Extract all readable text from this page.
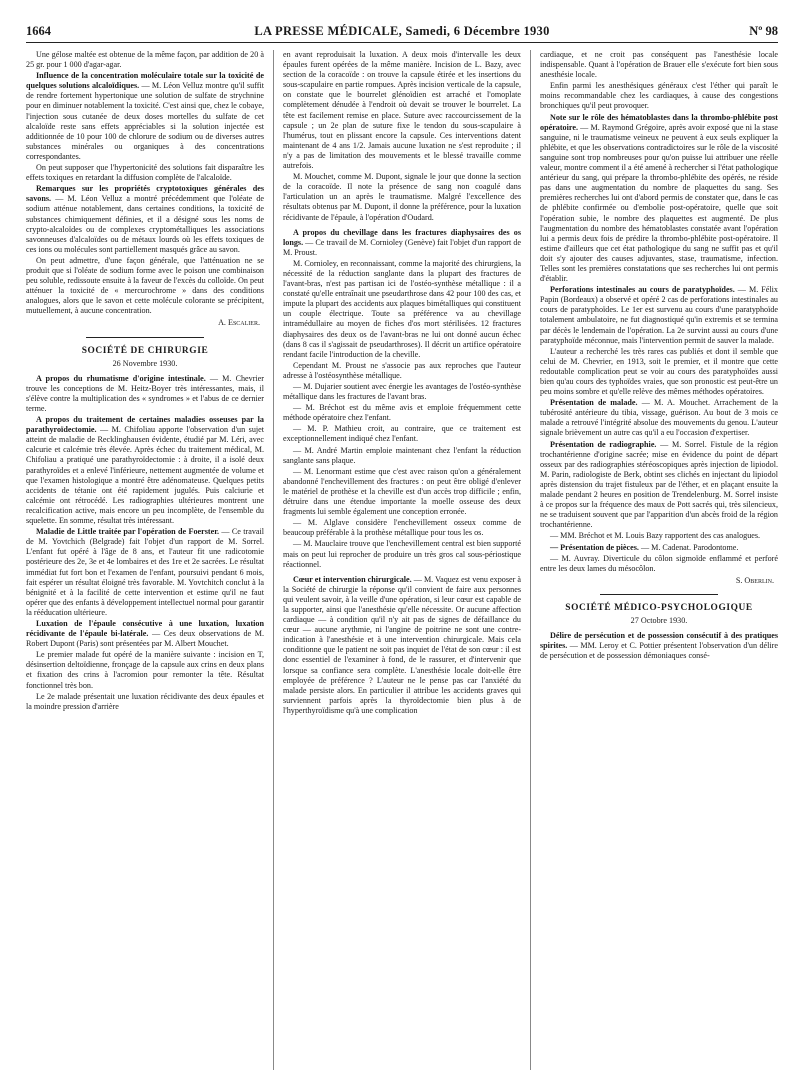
1664	LA PRESSE MÉDICALE, Samedi, 6 Décembre 1930	Nº 98

Une gélose maltée est obtenue de la même façon, par addition de 20 à 25 gr. pour 1 000 d'agar-agar.

Influence de la concentration moléculaire totale sur la toxicité de quelques solutions alcaloïdiques. — M. Léon Velluz montre qu'il suffit de rendre fortement hypertonique une solution de sulfate de strychnine pour en diminuer notablement la toxicité. C'est ainsi que, chez le cobaye, l'injection sous cutanée de deux doses mortelles du sulfate de cet alcaloïde reste sans effets appréciables si la solution injectée est additionnée de 10 pour 100 de chlorure de sodium ou de diverses autres substances minérales ou organiques à des concentrations correspondantes.

On peut supposer que l'hypertonicité des solutions fait disparaître les effets toxiques en retardant la diffusion complète de l'alcaloïde.

Remarques sur les propriétés cryptotoxiques générales des savons. — M. Léon Velluz a montré précédemment que l'oléate de sodium atténue notablement, dans certaines conditions, la toxicité de substances chimiquement définies, et il a désigné sous les noms de crypto-alcaloïdes ou de complexes cryptométalliques les associations savonneuses d'alcaloïdes ou de métaux lourds où les effets toxiques de ces ions ou molécules sont partiellement masqués grâce au savon.

On peut admettre, d'une façon générale, que l'atténuation ne se produit que si l'oléate de sodium forme avec le poison une combinaison peu soluble, redissoute ensuite à la faveur de l'excès du colloïde. On peut atténuer la toxicité de « mercurochrome » dans des conditions analogues, alors que le savon et cette molécule colorante se précipitent, mutuellement, à aucune concentration.

A. Escalier.

SOCIÉTÉ DE CHIRURGIE

26 Novembre 1930.

A propos du rhumatisme d'origine intestinale. — M. Chevrier trouve les conceptions de M. Heitz-Boyer très intéressantes, mais, il s'élève contre la multiplication des « syndromes » et l'abus de ce dernier terme.

A propos du traitement de certaines maladies osseuses par la parathyroïdectomie. — M. Chifoliau apporte l'observation d'un sujet atteint de maladie de Recklinghausen évidente, étudié par M. Léri, avec calcurie et calcémie très élevée. Après échec du traitement médical, M. Chifoliau a pratiqué une parathyroïdectomie : à droite, il a isolé deux parathyroïdes et a enlevé l'inférieure, nettement augmentée de volume et que l'examen histologique a montré être adénomateuse. Quelques petits accidents de tétanie ont été rapidement jugulés. Puis calciurie et calcémie ont rétrocédé. Les radiographies ultérieures montrent une recalcification active, mais encore un peu incomplète, de l'ensemble du squelette. En somme, résultat très intéressant.

Maladie de Little traitée par l'opération de Foerster. — Ce travail de M. Yovtchich (Belgrade) fait l'objet d'un rapport de M. Sorrel. L'enfant fut opéré à l'âge de 8 ans, et l'auteur fit une radicotomie postérieure des 2e, 3e et 4e lombaires et des 1re et 2e sacrées. Le résultat immédiat fut fort bon et l'examen de l'enfant, poursuivi pendant 6 mois, fait espérer un résultat éloigné très favorable. M. Yovtchitch conclut à la bénignité et à la facilité de cette intervention et estime qu'il ne faut opérer que des enfants à développement intellectuel normal pour garantir la rééducation ultérieure.

Luxation de l'épaule consécutive à une luxation, luxation récidivante de l'épaule bi-latérale. — Ces deux observations de M. Robert Dupont (Paris) sont présentées par M. Albert Mouchet.

Le premier malade fut opéré de la manière suivante : incision en T, désinsertion deltoïdienne, fronçage de la capsule aux crins en deux plans et fixation des crins à l'acromion pour remonter la tête. Résultat fonctionnel très bon.

Le 2e malade présentait une luxation récidivante des deux épaules et la moindre pression d'arrière

en avant reproduisait la luxation. A deux mois d'intervalle les deux épaules furent opérées de la même manière. Incision de L. Bazy, avec section de la coracoïde : on trouve la capsule étirée et les insertions du sous-scapulaire en partie rompues. Après incision verticale de la capsule, on constate que le bourrelet glénoïdien est arraché et l'omoplate complètement dénudée à l'endroit où devait se trouver le bourrelet. La tête est facilement remise en place. Suture avec raccourcissement de la capsule ; un 2e plan de suture fixe le tendon du sous-scapulaire à l'humérus, tout en plissant encore la capsule. Ces interventions datent maintenant de 4 ans 1/2. Jamais aucune luxation ne s'est reproduite ; il n'y a pas de limitation des mouvements et le blessé travaille comme autrefois.

M. Mouchet, comme M. Dupont, signale le jour que donne la section de la coracoïde. Il note la présence de sang non coagulé dans l'articulation un an après le traumatisme. Malgré l'excellence des résultats obtenus par M. Dupont, il donne la préférence, pour la luxation récidivante de l'épaule, à l'opération d'Oudard.

A propos du chevillage dans les fractures diaphysaires des os longs. — Ce travail de M. Cornioley (Genève) fait l'objet d'un rapport de M. Proust.

M. Cornioley, en reconnaissant, comme la majorité des chirurgiens, la nécessité de la réduction sanglante dans la plupart des fractures de l'avant-bras, n'est pas partisan ici de l'ostéo-synthèse métallique : il a constaté qu'elle entraînait une pseudarthrose dans 42 pour 100 des cas, et impute la plupart des accidents aux plaques bimétalliques qui constituent un couple électrique. Toute sa préférence va au chevillage intramédullaire au moyen de fiches d'os mort stérilisées. 12 fractures diaphysaires des deux os de l'avant-bras ne lui ont donné aucun échec (dans 8 cas il s'agissait de pseudarthroses). Il décrit un artifice opératoire rendant facile l'introduction de la cheville.

Cependant M. Proust ne s'associe pas aux reproches que l'auteur adresse à l'ostéosynthèse métallique.

— M. Dujarier soutient avec énergie les avantages de l'ostéo-synthèse métallique dans les fractures de l'avant bras.

— M. Bréchot est du même avis et emploie fréquemment cette méthode opératoire chez l'enfant.

— M. P. Mathieu croit, au contraire, que ce traitement est exceptionnellement indiqué chez l'enfant.

— M. André Martin emploie maintenant chez l'enfant la réduction sanglante sans plaque.

— M. Lenormant estime que c'est avec raison qu'on a généralement abandonné l'enchevillement des fractures : on peut être obligé d'enlever le matériel de prothèse et la cheville est d'un accès trop difficile ; enfin, détruire dans une étendue importante la moelle osseuse des deux fragments lui semble également une conception erronée.

— M. Alglave considère l'enchevillement osseux comme de beaucoup préférable à la prothèse métallique pour tous les os.

— M. Mauclaire trouve que l'enchevillement central est bien supporté mais on peut lui reprocher de produire un très gros cal sous-périostique réactionnel.

Cœur et intervention chirurgicale. — M. Vaquez est venu exposer à la Société de chirurgie la réponse qu'il convient de faire aux personnes qui veulent savoir, à la veille d'une opération, si leur cœur est capable de la supporter, ainsi que l'anesthésie qu'elle nécessite. Or aucune affection cardiaque — à condition qu'il n'y ait pas de signes de défaillance du cœur — aucune arythmie, ni l'angine de poitrine ne sont une contre-indication à l'anesthésie et à une intervention chirurgicale. Mais cela conditionne que le patient ne soit pas inquiet de l'état de son cœur : il est donc essentiel de l'examiner à fond, de le rassurer, et d'intervenir que lorsque sa confiance sera complète. L'anesthésie locale doit-elle être employée de préférence ? L'auteur ne le pense pas car l'anxiété du malade persiste alors. En particulier il attribue les accidents graves qui surviennent parfois après la thyroïdectomie bien plus à de l'hyperthyroïdisme qu'à une complication

cardiaque, et ne croit pas conséquent pas l'anesthésie locale indispensable. Quant à l'opération de Brauer elle s'exécute fort bien sous anesthésie locale.

Enfin parmi les anesthésiques généraux c'est l'éther qui paraît le moins recommandable chez les cardiaques, à cause des congestions bronchiques qu'il peut provoquer.

Note sur le rôle des hématoblastes dans la thrombo-phlébite post opératoire. — M. Raymond Grégoire, après avoir exposé que ni la stase sanguine, ni le traumatisme veineux ne peuvent à eux seuls expliquer la phlébite, et que les observations contradictoires sur le rôle de la viscosité sanguine sont trop nombreuses pour qu'on puisse lui attribuer une réelle valeur, montre comment il a été amené à rechercher si l'état pathologique antérieur du sang, qui prépare la thrombo-phlébite des opérés, ne réside pas dans une augmentation du nombre de plaquettes du sang. Ses premières recherches lui ont d'abord permis de constater que, dans le cas de phlébite confirmée ou d'embolie post-opératoire, quelle que soit l'opération subie, le nombre des plaquettes est augmenté. De plus l'augmentation du nombre des hématoblastes constatée avant l'opération lui a permis deux fois de prédire la thrombo-phlébite post-opératoire. Il estime d'ailleurs que cet état pathologique du sang ne suffit pas et qu'il doit s'y ajouter des causes adjuvantes, stase, traumatisme, infection. Telles sont les premières constatations que ses recherches lui ont permis d'établir.

Perforations intestinales au cours de paratyphoïdes. — M. Félix Papin (Bordeaux) a observé et opéré 2 cas de perforations intestinales au cours de paratyphoïdes. Le 1er est survenu au cours d'une paratyphoïde totalement ambulatoire, ne fut diagnostiqué qu'in extremis et se termina par décès le lendemain de l'opération. La 2e survint aussi au cours d'une paratyphoïde méconnue, mais l'intervention permit de sauver la malade.

L'auteur a recherché les très rares cas publiés et dont il semble que celui de M. Chevrier, en 1913, soit le premier, et il montre que cette redoutable complication peut se voir au cours des paratyphoïdes aussi bien qu'au cours des typhoïdes vraies, que son pronostic est peut-être un peu moins sombre et qu'elle relève des mêmes méthodes opératoires.

Présentation de malade. — M. A. Mouchet. Arrachement de la tubérosité antérieure du tibia, vissage, guérison. Au bout de 3 mois ce malade a retrouvé l'intégrité absolue des mouvements du genou. L'auteur signale brièvement un autre cas qu'il a eu l'occasion d'expertiser.

Présentation de radiographie. — M. Sorrel. Fistule de la région trochantérienne d'origine sacrée; mise en évidence du point de départ osseux par des radiographies stéréoscopiques après injection de lipiodol. M. Parin, radiologiste de Berk, obtint ses clichés en injectant du lipiodol après distension du trajet fistuleux par de l'éther, et en plaçant ensuite la malade pendant 2 heures en position de Trendelenburg. M. Sorrel insiste à ce propos sur la fréquence des maux de Pott sacrés qui, très silencieux, ne se traduisent souvent que par l'apparition d'un abcès froid de la région trochantérienne.

— MM. Bréchot et M. Louis Bazy rapportent des cas analogues.

— Présentation de pièces. — M. Cadenat. Parodontome.

— M. Auvray. Diverticule du côlon sigmoïde enflammé et perforé entre les deux lames du mésocôlon.

S. Oberlin.

SOCIÉTÉ MÉDICO-PSYCHOLOGIQUE

27 Octobre 1930.

Délire de persécution et de possession consécutif à des pratiques spirites. — MM. Leroy et C. Pottier présentent l'observation d'un délire de persécution et de possession démoniaques consé-
